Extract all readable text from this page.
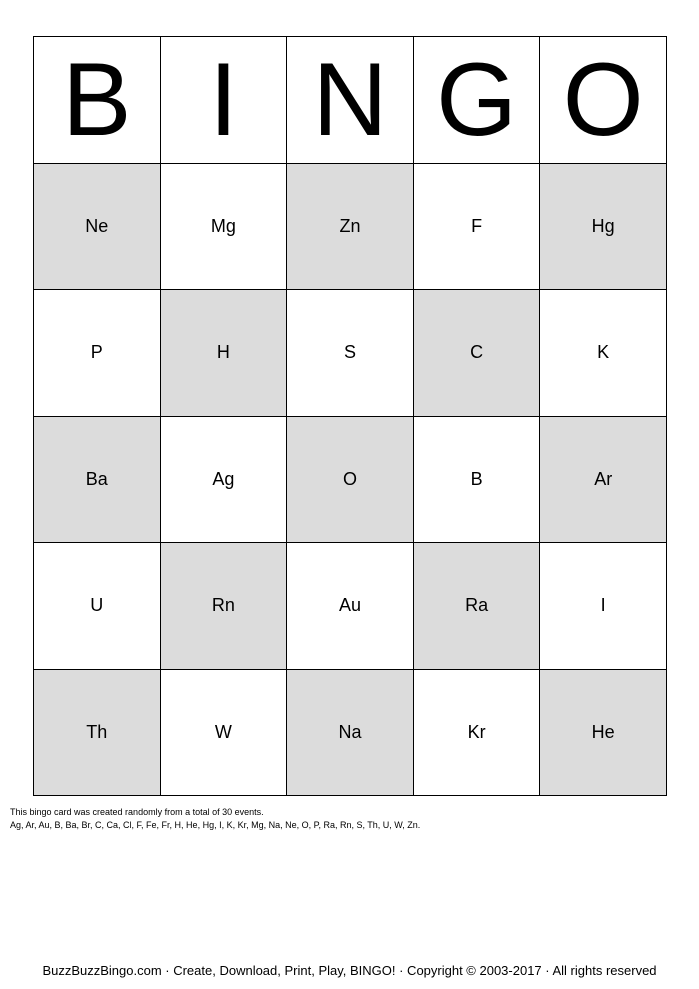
B I N G O
Ne	Mg	Zn	F	Hg
P	H	S	C	K
Ba	Ag	O	B	Ar
U	Rn	Au	Ra	I
Th	W	Na	Kr	He
This bingo card was created randomly from a total of 30 events.
Ag, Ar, Au, B, Ba, Br, C, Ca, Cl, F, Fe, Fr, H, He, Hg, I, K, Kr, Mg, Na, Ne, O, P, Ra, Rn, S, Th, U, W, Zn.
BuzzBuzzBingo.com · Create, Download, Print, Play, BINGO! · Copyright © 2003-2017 · All rights reserved
